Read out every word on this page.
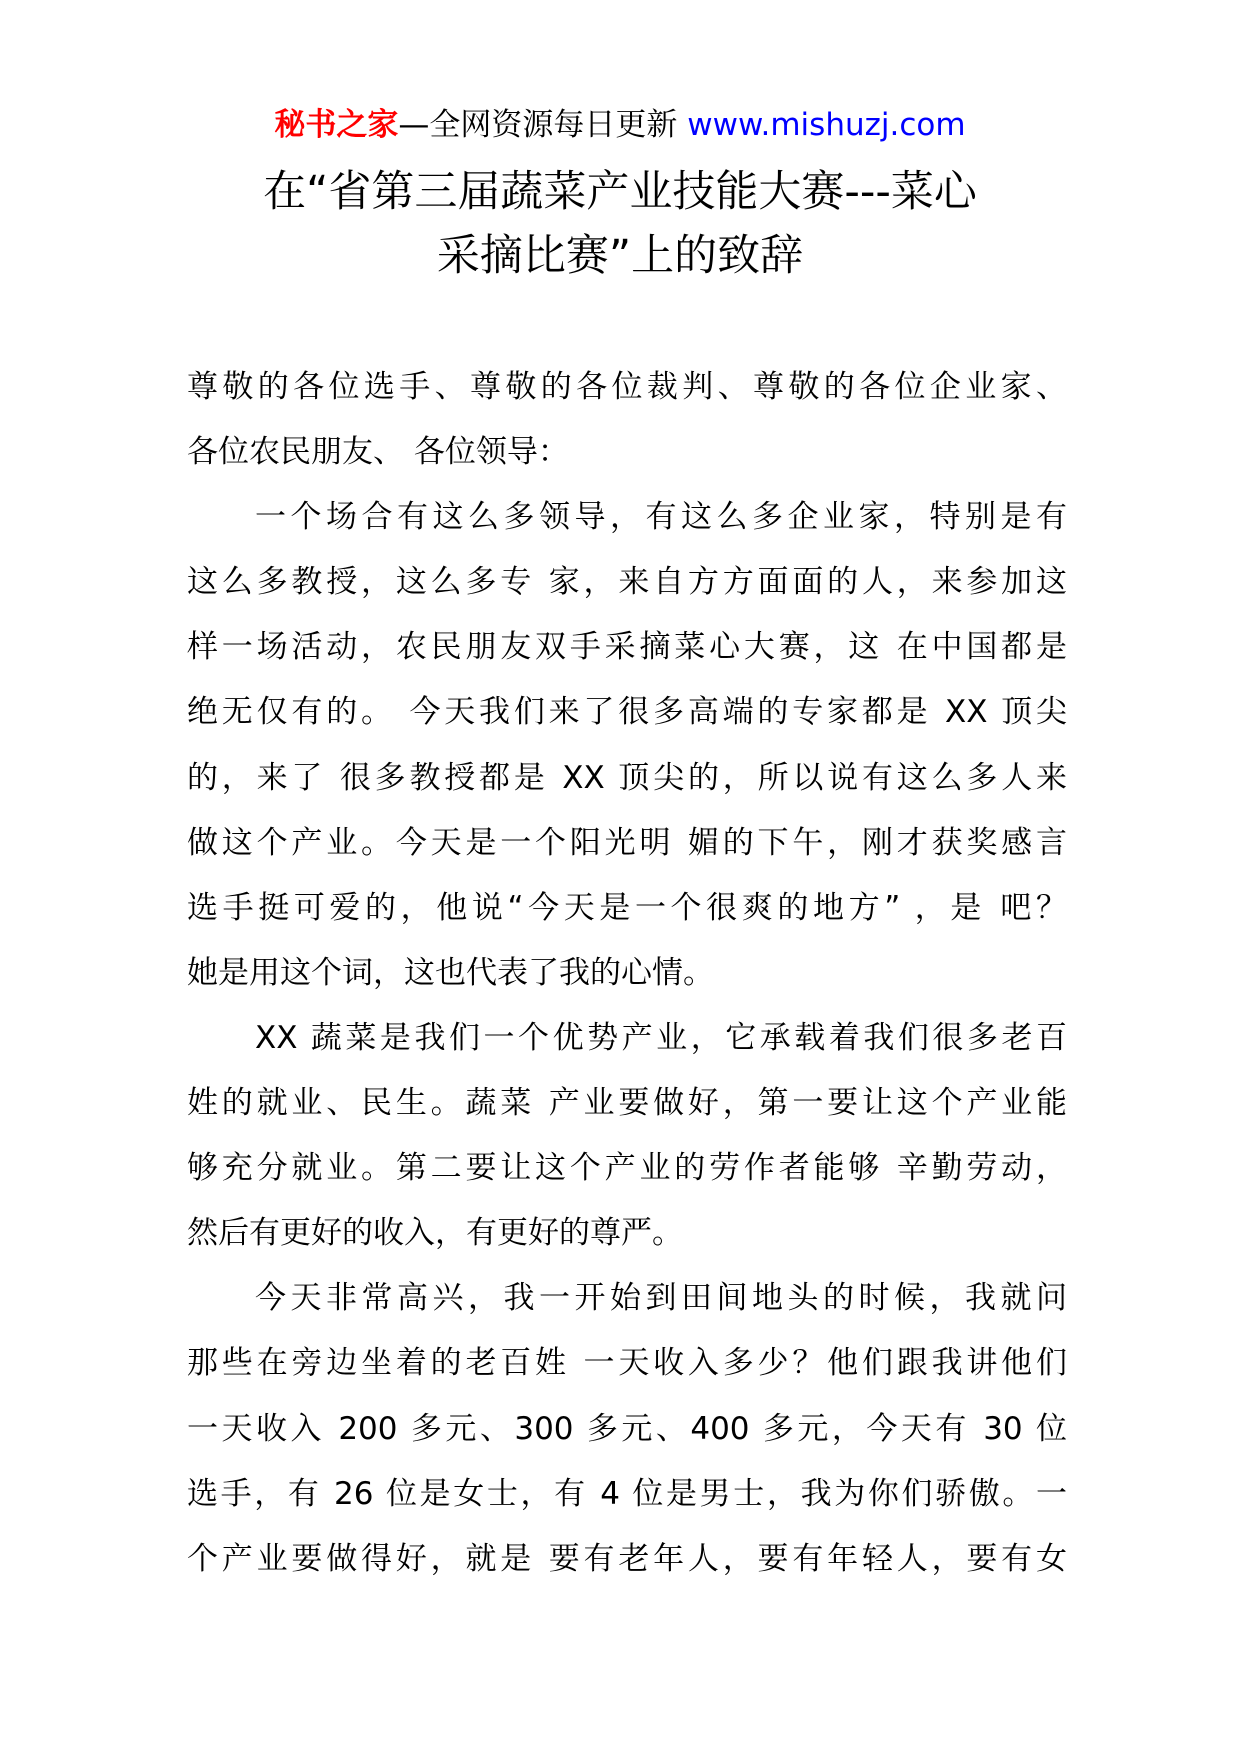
秘书之家—全网资源每日更新 www.mishuzj.com
在“省第三届蔬菜产业技能大赛---菜心
采摘比赛”上的致辞
尊敬的各位选手、尊敬的各位裁判、尊敬的各位企业家、
各位农民朋友、 各位领导：
一个场合有这么多领导，有这么多企业家，特别是有
这么多教授，这么多专 家，来自方方面面的人，来参加这
样一场活动，农民朋友双手采摘菜心大赛，这 在中国都是
绝无仅有的。 今天我们来了很多高端的专家都是 XX 顶尖
的，来了 很多教授都是 XX 顶尖的，所以说有这么多人来
做这个产业。今天是一个阳光明 媚的下午，刚才获奖感言
选手挺可爱的，他说“今天是一个很爽的地方” ，是 吧？
她是用这个词，这也代表了我的心情。
XX 蔬菜是我们一个优势产业，它承载着我们很多老百
姓的就业、民生。蔬菜 产业要做好，第一要让这个产业能
够充分就业。第二要让这个产业的劳作者能够 辛勤劳动，
然后有更好的收入，有更好的尊严。
今天非常高兴，我一开始到田间地头的时候，我就问
那些在旁边坐着的老百姓 一天收入多少？他们跟我讲他们
一天收入 200 多元、300 多元、400 多元，今天有 30 位
选手，有 26 位是女士，有 4 位是男士，我为你们骄傲。一
个产业要做得好，就是 要有老年人，要有年轻人，要有女
